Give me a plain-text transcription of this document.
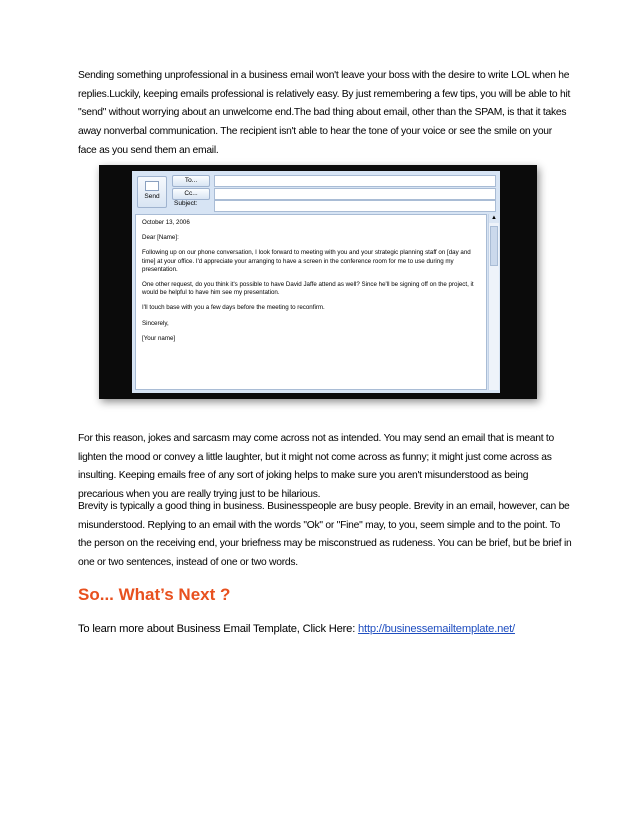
Sending something unprofessional in a business email won't leave your boss with the desire to write LOL when he replies.Luckily, keeping emails professional is relatively easy. By just remembering a few tips, you will be able to hit "send" without worrying about an unwelcome end.The bad thing about email, other than the SPAM, is that it takes away nonverbal communication. The recipient isn't able to hear the tone of your voice or see the smile on your face as you send them an email.

Send
To...
Cc...
Subject:

October 13, 2006

Dear [Name]:

Following up on our phone conversation, I look forward to meeting with you and your strategic planning staff on [day and time] at your office. I'd appreciate your arranging to have a screen in the conference room for me to use during my presentation.

One other request, do you think it's possible to have David Jaffe attend as well? Since he'll be signing off on the project, it would be helpful to have him see my presentation.

I'll touch base with you a few days before the meeting to reconfirm.

Sincerely,

[Your name]

▲

For this reason, jokes and sarcasm may come across not as intended. You may send an email that is meant to lighten the mood or convey a little laughter, but it might not come across as funny; it might just come across as insulting. Keeping emails free of any sort of joking helps to make sure you aren't misunderstood as being precarious when you are really trying just to be hilarious.

Brevity is typically a good thing in business. Businesspeople are busy people. Brevity in an email, however, can be misunderstood. Replying to an email with the words "Ok" or "Fine" may, to you, seem simple and to the point. To the person on the receiving end, your briefness may be misconstrued as rudeness. You can be brief, but be brief in one or two sentences, instead of one or two words.

So... What’s Next ?

To learn more about Business Email Template, Click Here: http://businessemailtemplate.net/
